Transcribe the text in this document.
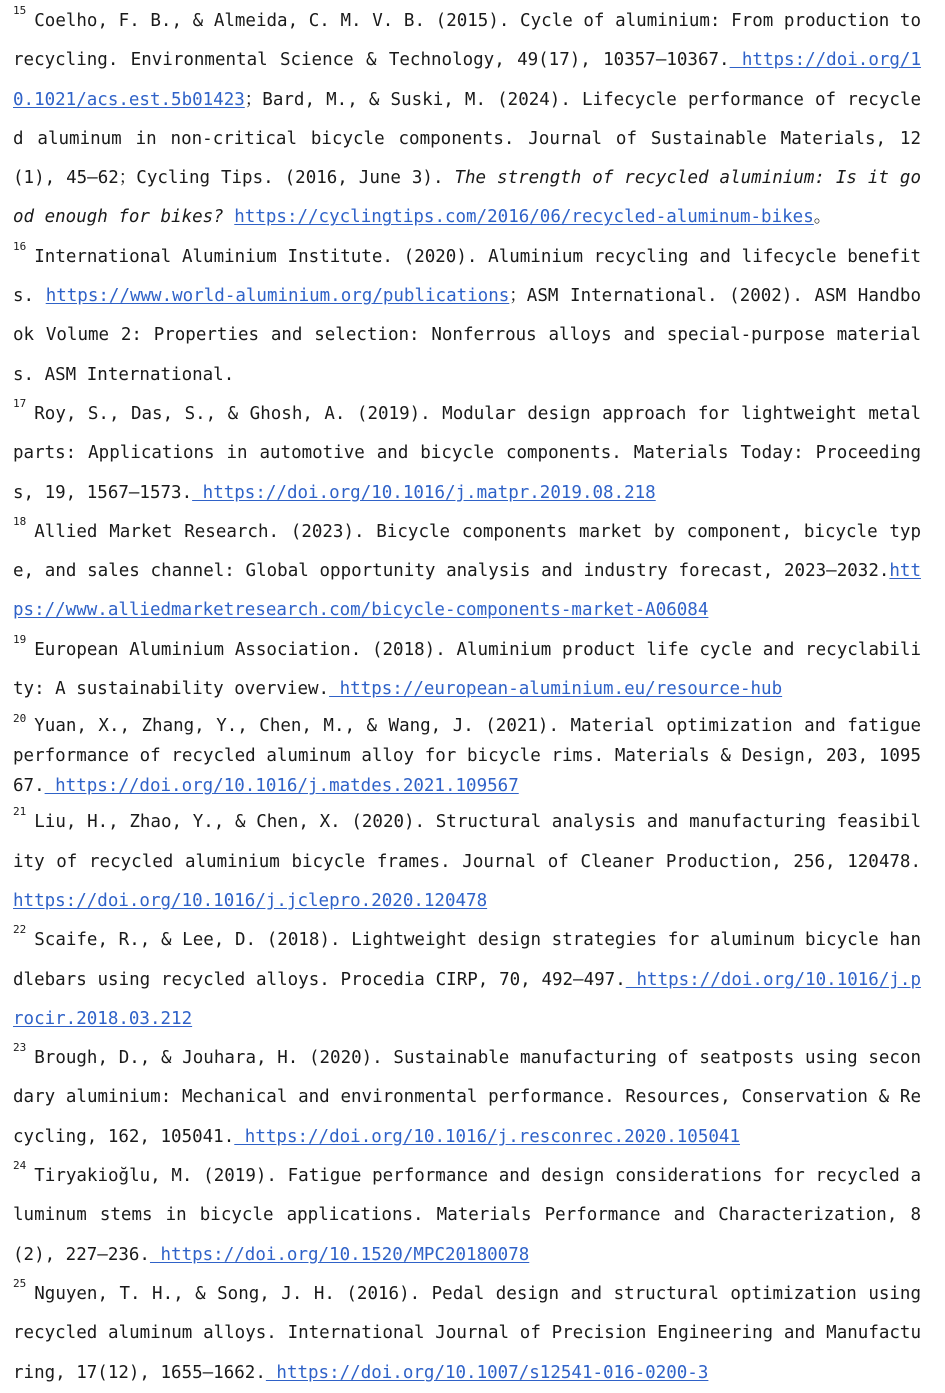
$^{15}$Coelho, F. B., & Almeida, C. M. V. B. (2015). Cycle of aluminium: From production to recycling. Environmental Science & Technology, 49(17), 10357–10367. https://doi.org/10.1021/acs.est.5b01423；Bard, M., & Suski, M. (2024). Lifecycle performance of recycled aluminum in non-critical bicycle components. Journal of Sustainable Materials, 12(1), 45–62；Cycling Tips. (2016, June 3). The strength of recycled aluminium: Is it good enough for bikes? https://cyclingtips.com/2016/06/recycled-aluminum-bikes。

$^{16}$International Aluminium Institute. (2020). Aluminium recycling and lifecycle benefits. https://www.world-aluminium.org/publications；ASM International. (2002). ASM Handbook Volume 2: Properties and selection: Nonferrous alloys and special-purpose materials. ASM International.

$^{17}$Roy, S., Das, S., & Ghosh, A. (2019). Modular design approach for lightweight metal parts: Applications in automotive and bicycle components. Materials Today: Proceedings, 19, 1567–1573. https://doi.org/10.1016/j.matpr.2019.08.218

$^{18}$Allied Market Research. (2023). Bicycle components market by component, bicycle type, and sales channel: Global opportunity analysis and industry forecast, 2023–2032.https://www.alliedmarketresearch.com/bicycle-components-market-A06084

$^{19}$European Aluminium Association. (2018). Aluminium product life cycle and recyclability: A sustainability overview. https://european-aluminium.eu/resource-hub

$^{20}$ Yuan, X., Zhang, Y., Chen, M., & Wang, J. (2021). Material optimization and fatigue performance of recycled aluminum alloy for bicycle rims. Materials & Design, 203, 109567. https://doi.org/10.1016/j.matdes.2021.109567

$^{21}$Liu, H., Zhao, Y., & Chen, X. (2020). Structural analysis and manufacturing feasibility of recycled aluminium bicycle frames. Journal of Cleaner Production, 256, 120478. https://doi.org/10.1016/j.jclepro.2020.120478

$^{22}$Scaife, R., & Lee, D. (2018). Lightweight design strategies for aluminum bicycle handlebars using recycled alloys. Procedia CIRP, 70, 492–497. https://doi.org/10.1016/j.procir.2018.03.212

$^{23}$Brough, D., & Jouhara, H. (2020). Sustainable manufacturing of seatposts using secondary aluminium: Mechanical and environmental performance. Resources, Conservation & Recycling, 162, 105041. https://doi.org/10.1016/j.resconrec.2020.105041

$^{24}$Tiryakioğlu, M. (2019). Fatigue performance and design considerations for recycled aluminum stems in bicycle applications. Materials Performance and Characterization, 8(2), 227–236. https://doi.org/10.1520/MPC20180078

$^{25}$Nguyen, T. H., & Song, J. H. (2016). Pedal design and structural optimization using recycled aluminum alloys. International Journal of Precision Engineering and Manufacturing, 17(12), 1655–1662. https://doi.org/10.1007/s12541-016-0200-3
